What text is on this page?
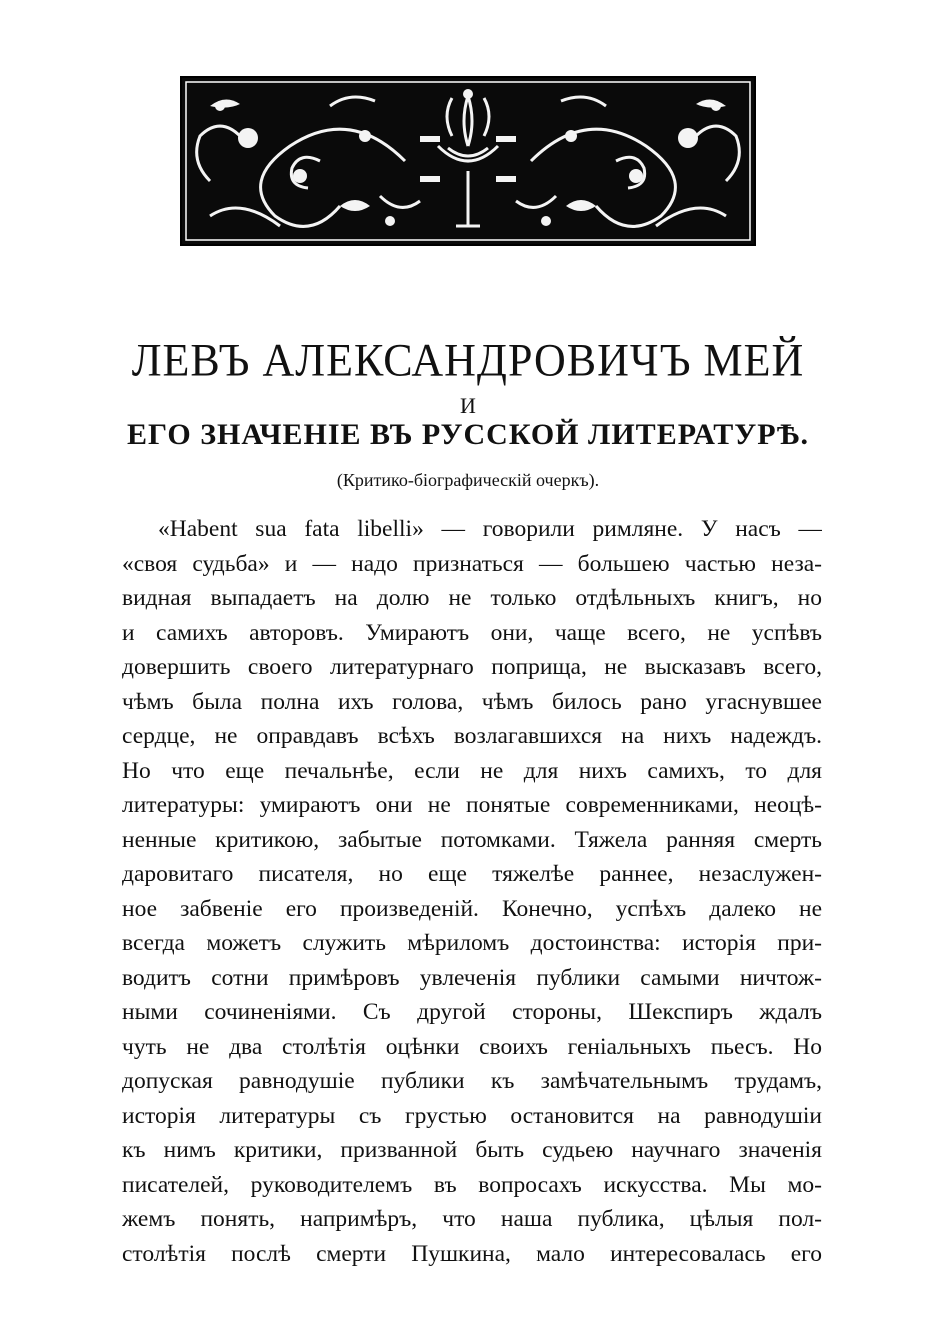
ЛЕВЪ АЛЕКСАНДРОВИЧЪ МЕЙ
И
ЕГО ЗНАЧЕНІЕ ВЪ РУССКОЙ ЛИТЕРАТУРѢ.
(Критико-біографическій очеркъ).
«Habent sua fata libelli» — говорили римляне. У насъ —
«своя судьба» и — надо признаться — большею частью неза-
видная выпадаетъ на долю не только отдѣльныхъ книгъ, но
и самихъ авторовъ. Умираютъ они, чаще всего, не успѣвъ
довершить своего литературнаго поприща, не высказавъ всего,
чѣмъ была полна ихъ голова, чѣмъ билось рано угаснувшее
сердце, не оправдавъ всѣхъ возлагавшихся на нихъ надеждъ.
Но что еще печальнѣе, если не для нихъ самихъ, то для
литературы: умираютъ они не понятые современниками, неоцѣ-
ненные критикою, забытые потомками. Тяжела ранняя смерть
даровитаго писателя, но еще тяжелѣе раннее, незаслужен-
ное забвеніе его произведеній. Конечно, успѣхъ далеко не
всегда можетъ служить мѣриломъ достоинства: исторія при-
водитъ сотни примѣровъ увлеченія публики самыми ничтож-
ными сочиненіями. Съ другой стороны, Шекспиръ ждалъ
чуть не два столѣтія оцѣнки своихъ геніальныхъ пьесъ. Но
допуская равнодушіе публики къ замѣчательнымъ трудамъ,
исторія литературы съ грустью остановится на равнодушіи
къ нимъ критики, призванной быть судьею научнаго значенія
писателей, руководителемъ въ вопросахъ искусства. Мы мо-
жемъ понять, напримѣръ, что наша публика, цѣлыя пол-
столѣтія послѣ смерти Пушкина, мало интересовалась его
